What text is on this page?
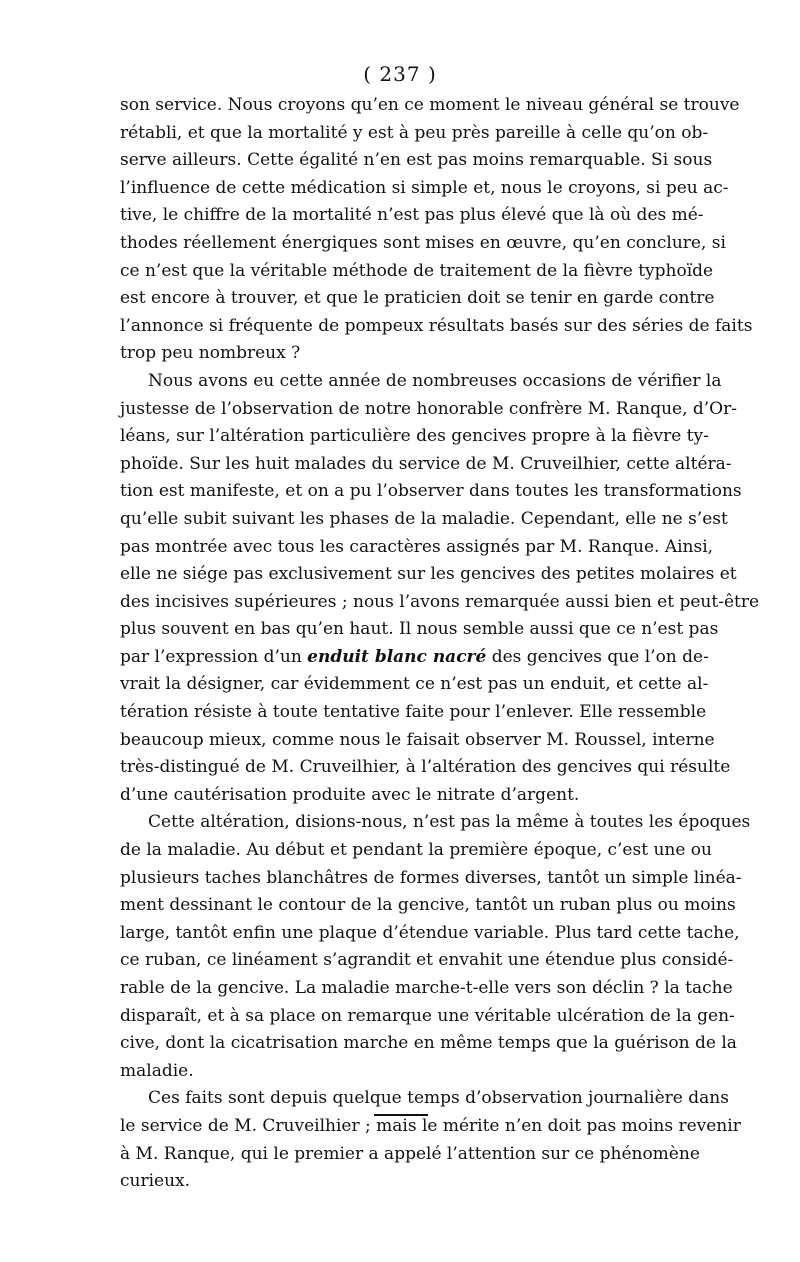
( 237 )
son service. Nous croyons qu’en ce moment le niveau général se trouve
rétabli, et que la mortalité y est à peu près pareille à celle qu’on ob-
serve ailleurs. Cette égalité n’en est pas moins remarquable. Si sous
l’influence de cette médication si simple et, nous le croyons, si peu ac-
tive, le chiffre de la mortalité n’est pas plus élevé que là où des mé-
thodes réellement énergiques sont mises en œuvre, qu’en conclure, si
ce n’est que la véritable méthode de traitement de la fièvre typhoïde
est encore à trouver, et que le praticien doit se tenir en garde contre
l’annonce si fréquente de pompeux résultats basés sur des séries de faits
trop peu nombreux ?
Nous avons eu cette année de nombreuses occasions de vérifier la
justesse de l’observation de notre honorable confrère M. Ranque, d’Or-
léans, sur l’altération particulière des gencives propre à la fièvre ty-
phoïde. Sur les huit malades du service de M. Cruveilhier, cette altéra-
tion est manifeste, et on a pu l’observer dans toutes les transformations
qu’elle subit suivant les phases de la maladie. Cependant, elle ne s’est
pas montrée avec tous les caractères assignés par M. Ranque. Ainsi,
elle ne siége pas exclusivement sur les gencives des petites molaires et
des incisives supérieures ; nous l’avons remarquée aussi bien et peut-être
plus souvent en bas qu’en haut. Il nous semble aussi que ce n’est pas
par l’expression d’un enduit blanc nacré des gencives que l’on de-
vrait la désigner, car évidemment ce n’est pas un enduit, et cette al-
tération résiste à toute tentative faite pour l’enlever. Elle ressemble
beaucoup mieux, comme nous le faisait observer M. Roussel, interne
très-distingué de M. Cruveilhier, à l’altération des gencives qui résulte
d’une cautérisation produite avec le nitrate d’argent.
Cette altération, disions-nous, n’est pas la même à toutes les époques
de la maladie. Au début et pendant la première époque, c’est une ou
plusieurs taches blanchâtres de formes diverses, tantôt un simple linéa-
ment dessinant le contour de la gencive, tantôt un ruban plus ou moins
large, tantôt enfin une plaque d’étendue variable. Plus tard cette tache,
ce ruban, ce linéament s’agrandit et envahit une étendue plus considé-
rable de la gencive. La maladie marche-t-elle vers son déclin ? la tache
disparaît, et à sa place on remarque une véritable ulcération de la gen-
cive, dont la cicatrisation marche en même temps que la guérison de la
maladie.
Ces faits sont depuis quelque temps d’observation journalière dans
le service de M. Cruveilhier ; mais le mérite n’en doit pas moins revenir
à M. Ranque, qui le premier a appelé l’attention sur ce phénomène
curieux.
